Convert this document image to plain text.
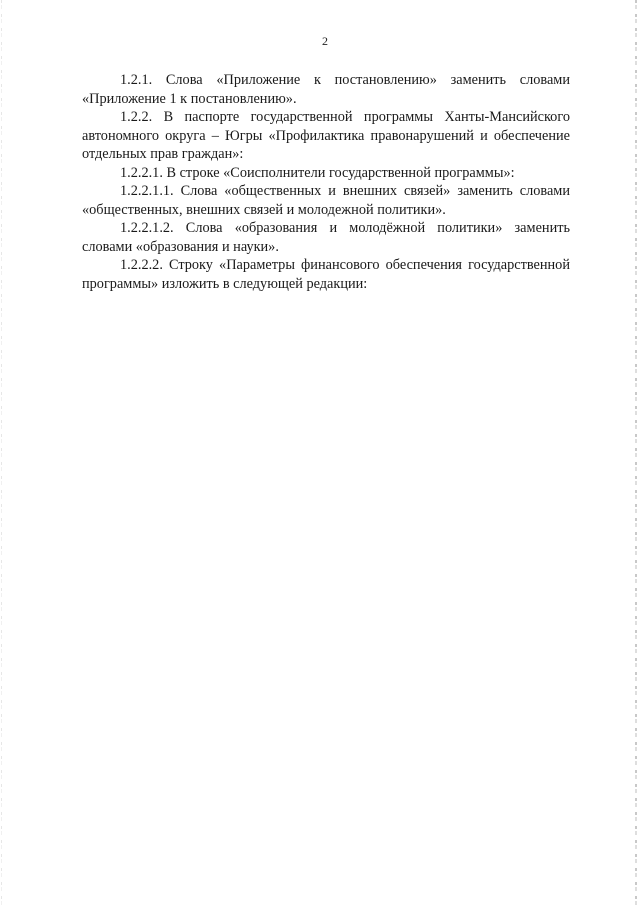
2

1.2.1. Слова «Приложение к постановлению» заменить словами «Приложение 1 к постановлению».

1.2.2. В паспорте государственной программы Ханты-Мансийского автономного округа – Югры «Профилактика правонарушений и обеспечение отдельных прав граждан»:

1.2.2.1. В строке «Соисполнители государственной программы»:

1.2.2.1.1. Слова «общественных и внешних связей» заменить словами «общественных, внешних связей и молодежной политики».

1.2.2.1.2. Слова «образования и молодёжной политики» заменить словами «образования и науки».

1.2.2.2. Строку «Параметры финансового обеспечения государственной программы» изложить в следующей редакции:
